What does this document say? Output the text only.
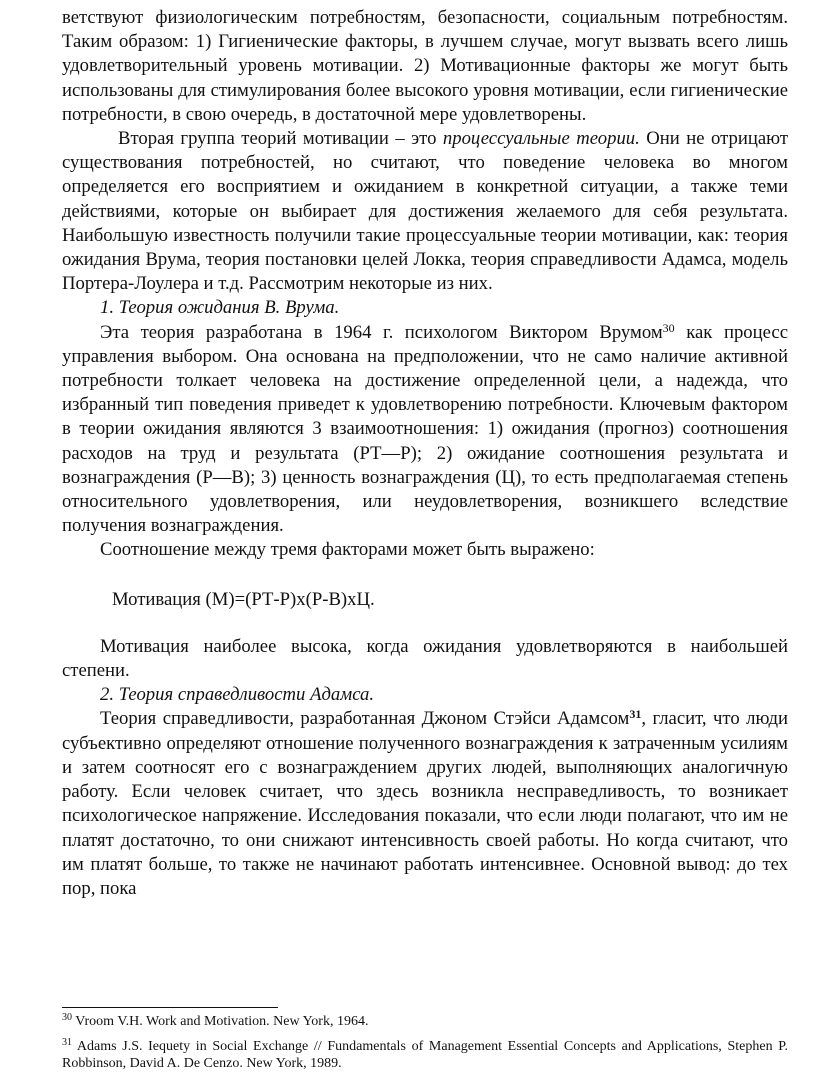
ветствуют физиологическим потребностям, безопасности, социальным потребностям. Таким образом: 1) Гигиенические факторы, в лучшем случае, могут вызвать всего лишь удовлетворительный уровень мотивации. 2) Мотивационные факторы же могут быть использованы для стимулирования более высокого уровня мотивации, если гигиенические потребности, в свою очередь, в достаточной мере удовлетворены.

Вторая группа теорий мотивации – это процессуальные теории. Они не отрицают существования потребностей, но считают, что поведение человека во многом определяется его восприятием и ожиданием в конкретной ситуации, а также теми действиями, которые он выбирает для достижения желаемого для себя результата. Наибольшую известность получили такие процессуальные теории мотивации, как: теория ожидания Врума, теория постановки целей Локка, теория справедливости Адамса, модель Портера-Лоулера и т.д. Рассмотрим некоторые из них.

1. Теория ожидания В. Врума.

Эта теория разработана в 1964 г. психологом Виктором Врумом$^{30}$ как процесс управления выбором. Она основана на предположении, что не само наличие активной потребности толкает человека на достижение определенной цели, а надежда, что избранный тип поведения приведет к удовлетворению потребности. Ключевым фактором в теории ожидания являются 3 взаимоотношения: 1) ожидания (прогноз) соотношения расходов на труд и результата (РТ—Р); 2) ожидание соотношения результата и вознаграждения (Р—В); 3) ценность вознаграждения (Ц), то есть предполагаемая степень относительного удовлетворения, или неудовлетворения, возникшего вследствие получения вознаграждения.

Соотношение между тремя факторами может быть выражено:

Мотивация (М)=(РТ-Р)х(Р-В)хЦ.

Мотивация наиболее высока, когда ожидания удовлетворяются в наибольшей степени.

2. Теория справедливости Адамса.

Теория справедливости, разработанная Джоном Стэйси Адамсом$^{31}$, гласит, что люди субъективно определяют отношение полученного вознаграждения к затраченным усилиям и затем соотносят его с вознаграждением других людей, выполняющих аналогичную работу. Если человек считает, что здесь возникла несправедливость, то возникает психологическое напряжение. Исследования показали, что если люди полагают, что им не платят достаточно, то они снижают интенсивность своей работы. Но когда считают, что им платят больше, то также не начинают работать интенсивнее. Основной вывод: до тех пор, пока

$^{30}$ Vroom V.H. Work and Motivation. New York, 1964.

$^{31}$ Adams J.S. Iequety in Social Exchange // Fundamentals of Management Essential Concepts and Applications, Stephen P. Robbinson, David A. De Cenzo. New York, 1989.
